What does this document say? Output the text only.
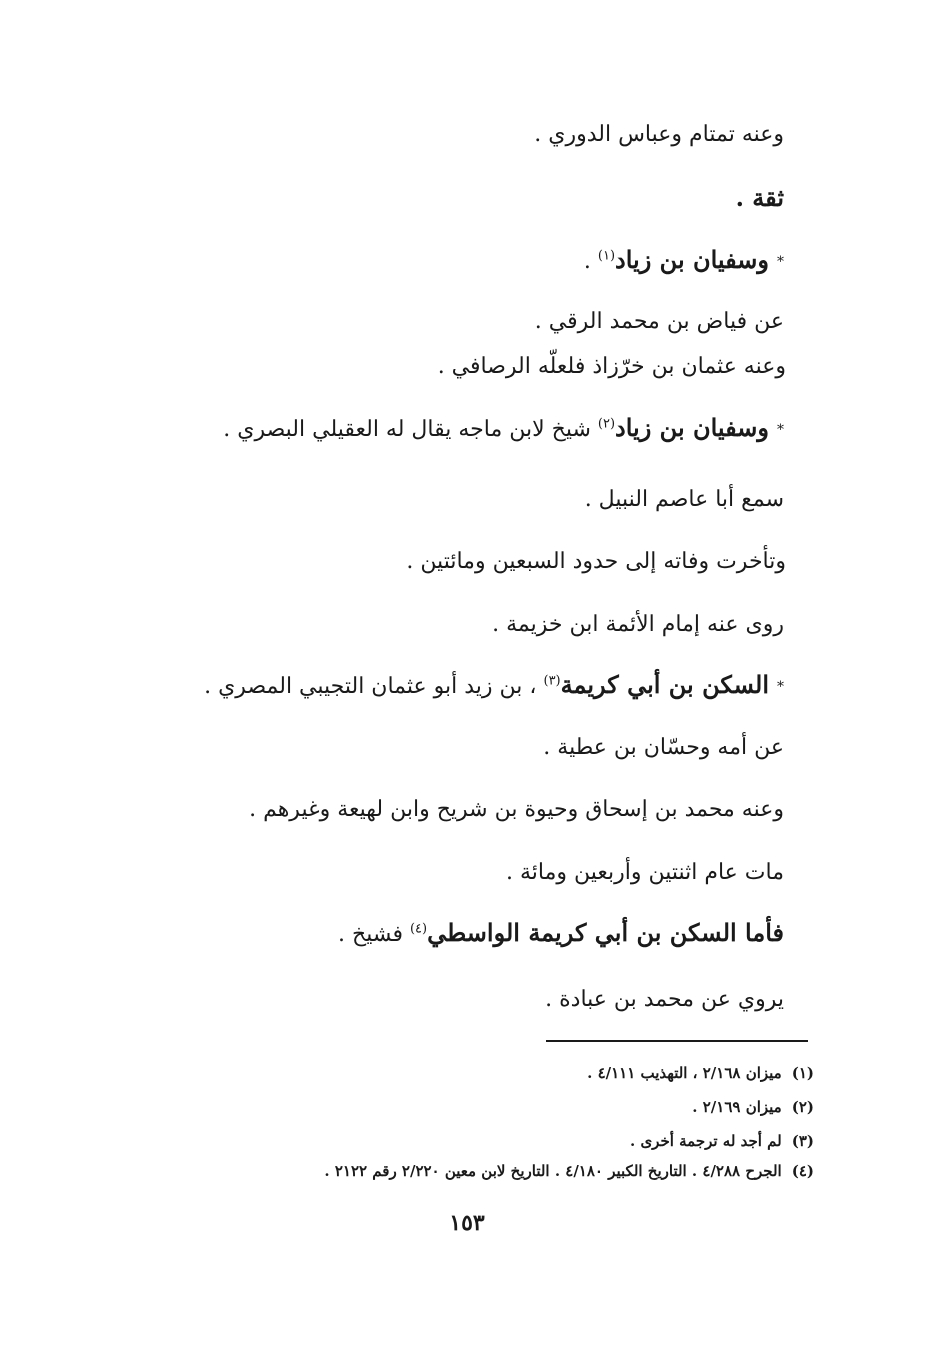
وعنه تمتام وعباس الدوري .
ثقة .
*وسفيان بن زياد$^{(١)}$ .
عن فياض بن محمد الرقي .
وعنه عثمان بن خرّزاذ فلعلّه الرصافي .
*وسفيان بن زياد$^{(٢)}$ شيخ لابن ماجه يقال له العقيلي البصري .
سمع أبا عاصم النبيل .
وتأخرت وفاته إلى حدود السبعين ومائتين .
روى عنه إمام الأئمة ابن خزيمة .
*السكن بن أبي كريمة$^{(٣)}$ ، بن زيد أبو عثمان التجيبي المصري .
عن أمه وحسّان بن عطية .
وعنه محمد بن إسحاق وحيوة بن شريح وابن لهيعة وغيرهم .
مات عام اثنتين وأربعين ومائة .
فأما السكن بن أبي كريمة الواسطي$^{(٤)}$ فشيخ .
يروي عن محمد بن عبادة .
(١)ميزان ٢/١٦٨ ، التهذيب ٤/١١١ .
(٢)ميزان ٢/١٦٩ .
(٣)لم أجد له ترجمة أخرى .
(٤)الجرح ٤/٢٨٨ . التاريخ الكبير ٤/١٨٠ . التاريخ لابن معين ٢/٢٢٠ رقم ٢١٢٢ .
١٥٣
